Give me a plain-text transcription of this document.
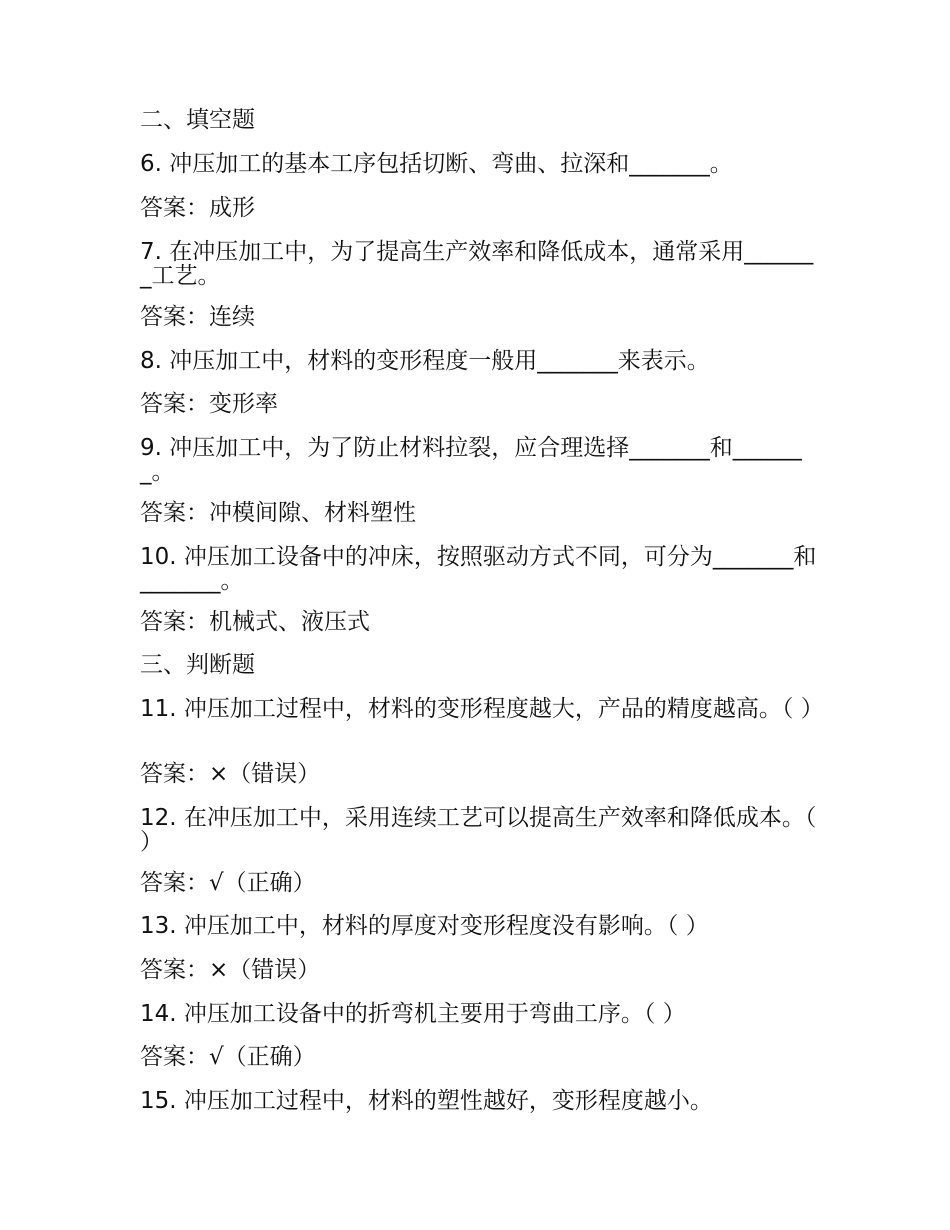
二、填空题
6. 冲压加工的基本工序包括切断、弯曲、拉深和_______。
答案：成形
7. 在冲压加工中，为了提高生产效率和降低成本，通常采用_______工艺。
答案：连续
8. 冲压加工中，材料的变形程度一般用_______来表示。
答案：变形率
9. 冲压加工中，为了防止材料拉裂，应合理选择_______和_______。
答案：冲模间隙、材料塑性
10. 冲压加工设备中的冲床，按照驱动方式不同，可分为_______和_______。
答案：机械式、液压式
三、判断题
11. 冲压加工过程中，材料的变形程度越大，产品的精度越高。（ ）
答案：×（错误）
12. 在冲压加工中，采用连续工艺可以提高生产效率和降低成本。（ ）
答案：√（正确）
13. 冲压加工中，材料的厚度对变形程度没有影响。（ ）
答案：×（错误）
14. 冲压加工设备中的折弯机主要用于弯曲工序。（ ）
答案：√（正确）
15. 冲压加工过程中，材料的塑性越好，变形程度越小。
